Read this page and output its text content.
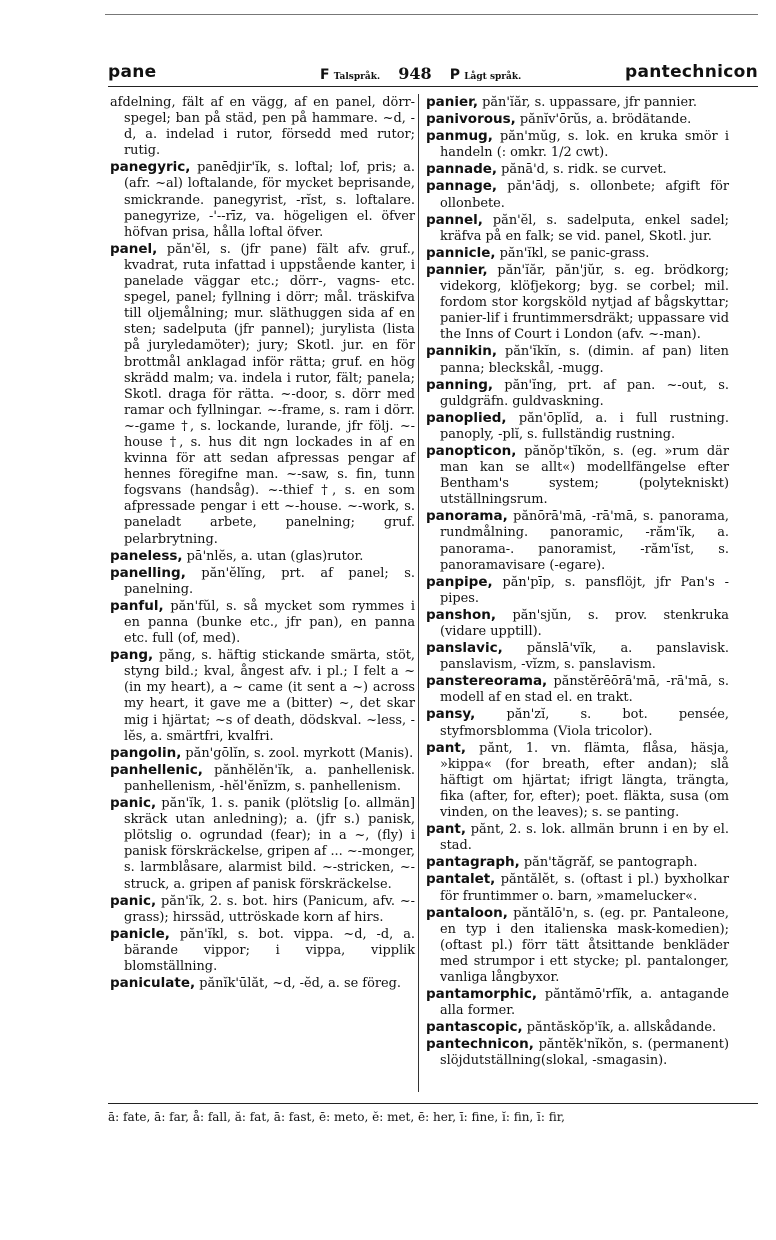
pane	F Talspråk. 948 P Lågt språk.	pantechnicon

afdelning, fält af en vägg, af en panel, dörr-spegel; ban på städ, pen på hammare. ~d, -d, a. indelad i rutor, försedd med rutor; rutig.

panegyric, panēdjir'ĭk, s. loftal; lof, pris; a. (afr. ~al) loftalande, för mycket beprisande, smickrande. panegyrist, -rĭst, s. loftalare. panegyrize, -'--rīz, va. högeligen el. öfver höfvan prisa, hålla loftal öfver.

panel, păn'ĕl, s. (jfr pane) fält afv. gruf., kvadrat, ruta infattad i uppstående kanter, i panelade väggar etc.; dörr-, vagns- etc. spegel, panel; fyllning i dörr; mål. träskifva till oljemålning; mur. släthuggen sida af en sten; sadelputa (jfr pannel); jurylista (lista på juryledamöter); jury; Skotl. jur. en för brottmål anklagad inför rätta; gruf. en hög skrädd malm; va. indela i rutor, fält; panela; Skotl. draga för rätta. ~-door, s. dörr med ramar och fyllningar. ~-frame, s. ram i dörr. ~-game †, s. lockande, lurande, jfr följ. ~-house †, s. hus dit ngn lockades in af en kvinna för att sedan afpressas pengar af hennes föregifne man. ~-saw, s. fin, tunn fogsvans (handsåg). ~-thief †, s. en som afpressade pengar i ett ~-house. ~-work, s. paneladt arbete, panelning; gruf. pelarbrytning.

paneless, pā'nlĕs, a. utan (glas)rutor.

panelling, păn'ĕlĭng, prt. af panel; s. panelning.

panful, păn'fŭl, s. så mycket som rymmes i en panna (bunke etc., jfr pan), en panna etc. full (of, med).

pang, păng, s. häftig stickande smärta, stöt, styng bild.; kval, ångest afv. i pl.; I felt a ~ (in my heart), a ~ came (it sent a ~) across my heart, it gave me a (bitter) ~, det skar mig i hjärtat; ~s of death, dödskval. ~less, -lĕs, a. smärtfri, kvalfri.

pangolin, păn'gōlĭn, s. zool. myrkott (Manis).

panhellenic, pănhĕlĕn'ĭk, a. panhellenisk. panhellenism, -hĕl'ĕnĭzm, s. panhellenism.

panic, păn'ĭk, 1. s. panik (plötslig [o. allmän] skräck utan anledning); a. (jfr s.) panisk, plötslig o. ogrundad (fear); in a ~, (fly) i panisk förskräckelse, gripen af ... ~-monger, s. larmblåsare, alarmist bild. ~-stricken, ~-struck, a. gripen af panisk förskräckelse.

panic, păn'ĭk, 2. s. bot. hirs (Panicum, afv. ~-grass); hirssäd, uttröskade korn af hirs.

panicle, păn'ĭkl, s. bot. vippa. ~d, -d, a. bärande vippor; i vippa, vipplik blomställning.

paniculate, pănĭk'ūlăt, ~d, -ĕd, a. se föreg.

panier, păn'ĭăr, s. uppassare, jfr pannier.

panivorous, pănĭv'ōrŭs, a. brödätande.

panmug, păn'mŭg, s. lok. en kruka smör i handeln (: omkr. 1/2 cwt).

pannade, pănā'd, s. ridk. se curvet.

pannage, păn'ādj, s. ollonbete; afgift för ollonbete.

pannel, păn'ĕl, s. sadelputa, enkel sadel; kräfva på en falk; se vid. panel, Skotl. jur.

pannicle, păn'ĭkl, se panic-grass.

pannier, păn'ĭăr, păn'jŭr, s. eg. brödkorg; videkorg, klöfjekorg; byg. se corbel; mil. fordom stor korgsköld nytjad af bågskyttar; panier-lif i fruntimmersdräkt; uppassare vid the Inns of Court i London (afv. ~-man).

pannikin, păn'ĭkĭn, s. (dimin. af pan) liten panna; bleckskål, -mugg.

panning, păn'ĭng, prt. af pan. ~-out, s. guldgräfn. guldvaskning.

panoplied, păn'ōplĭd, a. i full rustning. panoply, -plĭ, s. fullständig rustning.

panopticon, pănŏp'tĭkŏn, s. (eg. »rum där man kan se allt«) modellfängelse efter Bentham's system; (polytekniskt) utställningsrum.

panorama, pănōrā'mā, -rā'mā, s. panorama, rundmålning. panoramic, -răm'ĭk, a. panorama-. panoramist, -răm'ĭst, s. panoramavisare (-egare).

panpipe, păn'pīp, s. pansflöjt, jfr Pan's -pipes.

panshon, păn'sjŭn, s. prov. stenkruka (vidare upptill).

panslavic, pănslā'vĭk, a. panslavisk. panslavism, -vĭzm, s. panslavism.

panstereorama, pănstĕrēōrā'mā, -rā'mā, s. modell af en stad el. en trakt.

pansy, păn'zĭ, s. bot. pensée, styfmorsblomma (Viola tricolor).

pant, pănt, 1. vn. flämta, flåsa, häsja, »kippa« (for breath, efter andan); slå häftigt om hjärtat; ifrigt längta, trängta, fika (after, for, efter); poet. fläkta, susa (om vinden, on the leaves); s. se panting.

pant, pănt, 2. s. lok. allmän brunn i en by el. stad.

pantagraph, păn'tăgrăf, se pantograph.

pantalet, păntălĕt, s. (oftast i pl.) byxholkar för fruntimmer o. barn, »mamelucker«.

pantaloon, păntălō'n, s. (eg. pr. Pantaleone, en typ i den italienska mask-komedien); (oftast pl.) förr tätt åtsittande benkläder med strumpor i ett stycke; pl. pantalonger, vanliga långbyxor.

pantamorphic, păntămō'rfĭk, a. antagande alla former.

pantascopic, păntăskŏp'ĭk, a. allskådande.

pantechnicon, păntĕk'nĭkŏn, s. (permanent) slöjdutställning(slokal, -smagasin).

ā: fate, ā: far, å: fall, ă: fat, ā: fast, ē: meto, ĕ: met, ē: her, ī: fine, ĭ: fin, ī: fir,
